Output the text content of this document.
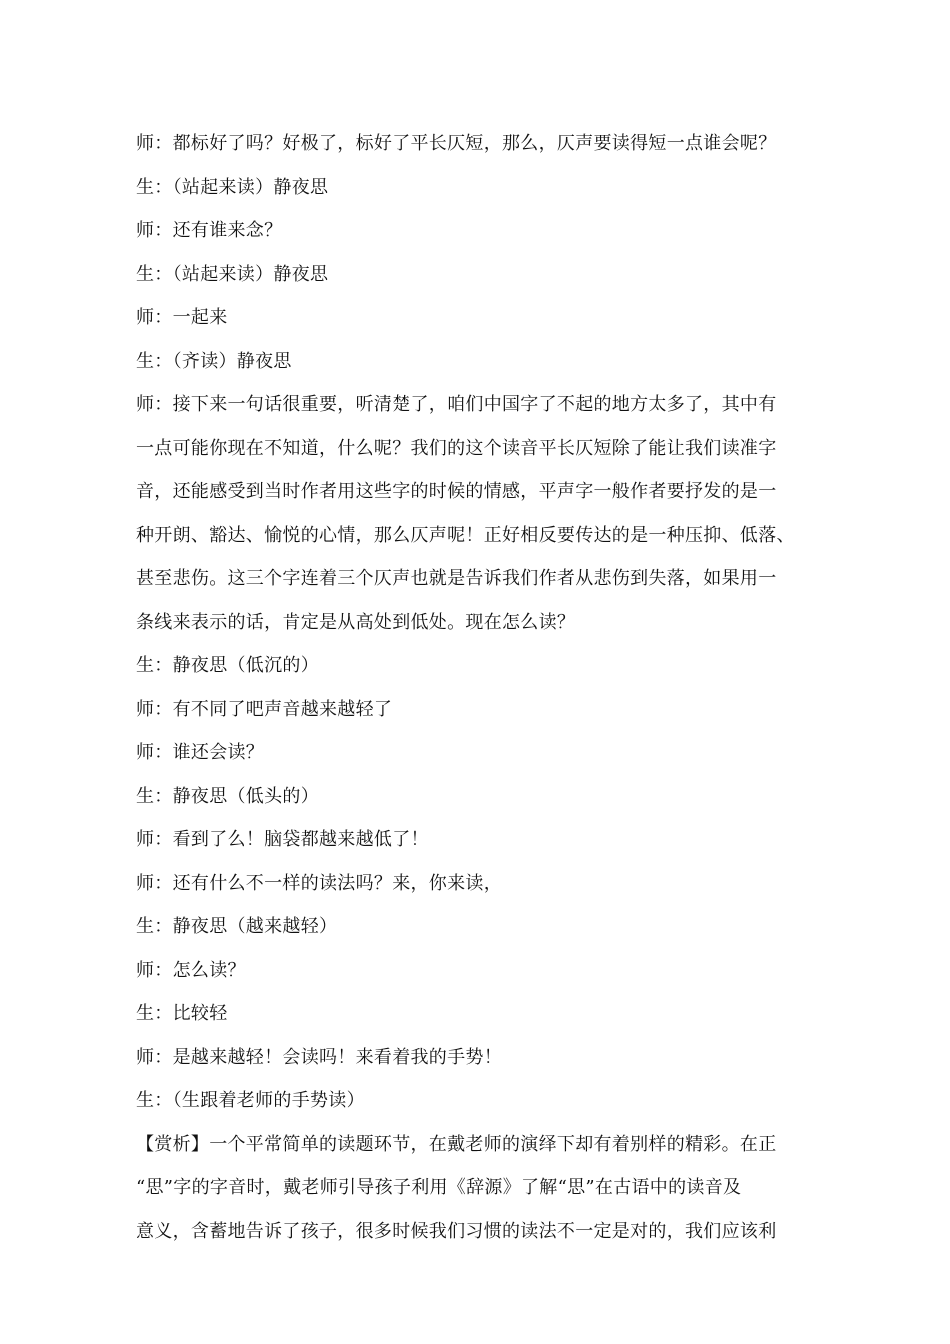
师：都标好了吗？好极了，标好了平长仄短，那么，仄声要读得短一点谁会呢？
生：（站起来读）静夜思
师：还有谁来念？
生：（站起来读）静夜思
师：一起来
生：（齐读）静夜思
师：接下来一句话很重要，听清楚了，咱们中国字了不起的地方太多了，其中有
一点可能你现在不知道，什么呢？我们的这个读音平长仄短除了能让我们读准字
音，还能感受到当时作者用这些字的时候的情感，平声字一般作者要抒发的是一
种开朗、豁达、愉悦的心情，那么仄声呢！正好相反要传达的是一种压抑、低落、
甚至悲伤。这三个字连着三个仄声也就是告诉我们作者从悲伤到失落，如果用一
条线来表示的话，肯定是从高处到低处。现在怎么读？
生：静夜思（低沉的）
师：有不同了吧声音越来越轻了
师：谁还会读？
生：静夜思（低头的）
师：看到了么！脑袋都越来越低了！
师：还有什么不一样的读法吗？来，你来读，
生：静夜思（越来越轻）
师：怎么读？
生：比较轻
师：是越来越轻！会读吗！来看着我的手势！
生：（生跟着老师的手势读）
【赏析】一个平常简单的读题环节，在戴老师的演绎下却有着别样的精彩。在正
“思”字的字音时，戴老师引导孩子利用《辞源》了解“思”在古语中的读音及
意义，含蓄地告诉了孩子，很多时候我们习惯的读法不一定是对的，我们应该利
